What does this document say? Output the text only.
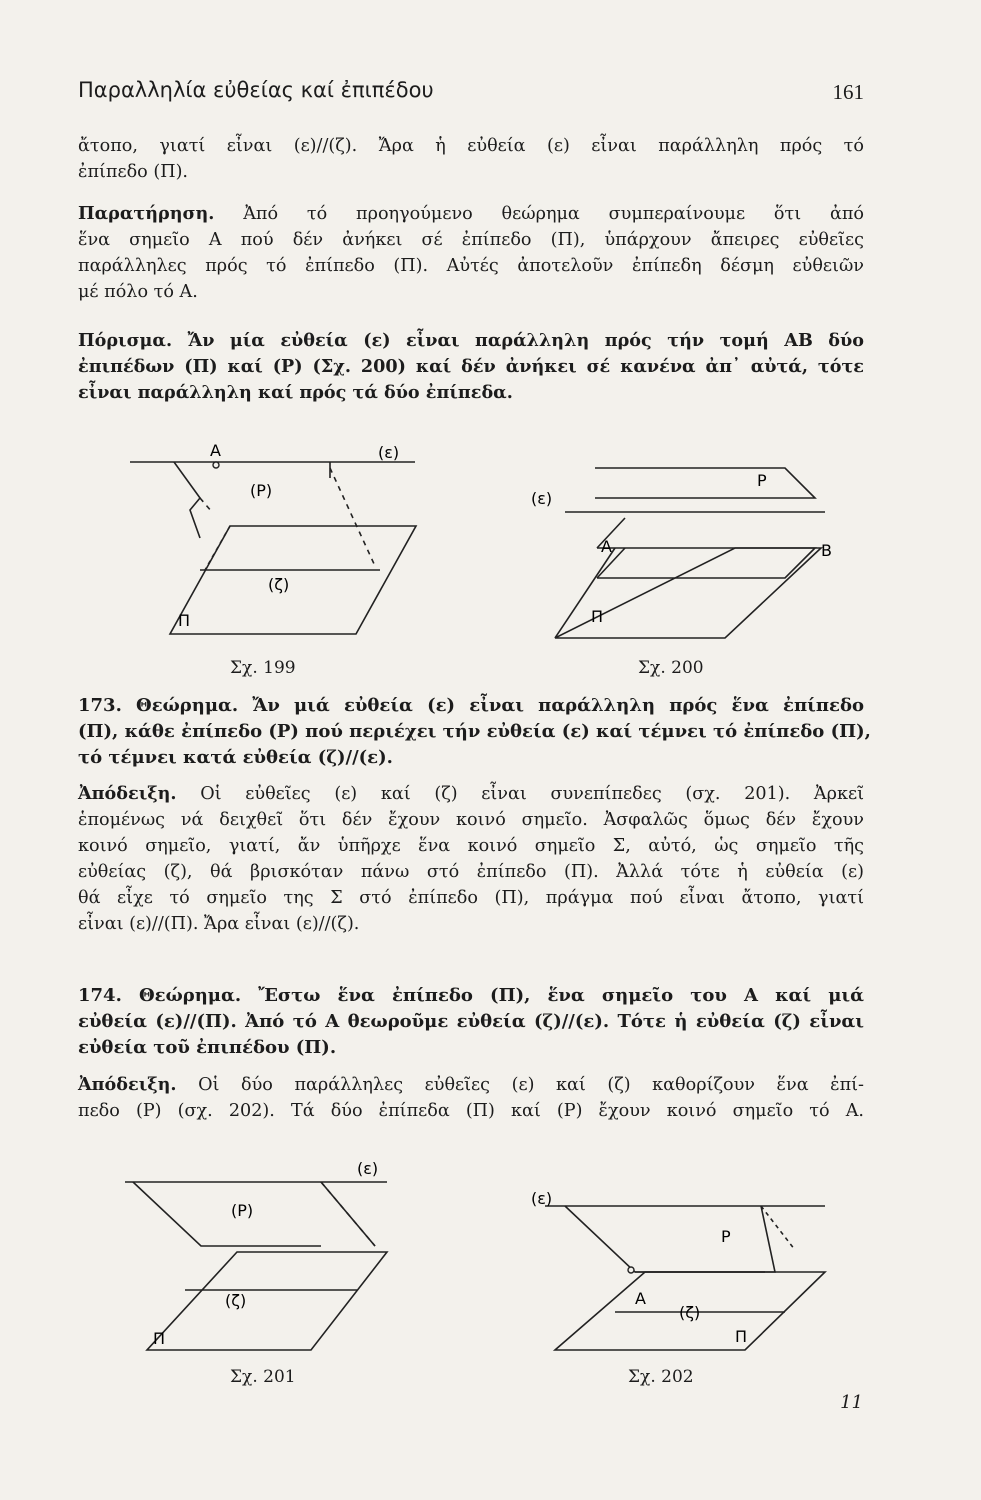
Παραλληλία εὐθείας καί ἐπιπέδου	161
ἄτοπο, γιατί εἶναι (ε)//(ζ). Ἄρα ἡ εὐθεία (ε) εἶναι παράλληλη πρός τό
ἐπίπεδο (Π).
Παρατήρηση. Ἀπό τό προηγούμενο θεώρημα συμπεραίνουμε ὅτι ἀπό
ἕνα σημεῖο Α πού δέν ἀνήκει σέ ἐπίπεδο (Π), ὑπάρχουν ἄπειρες εὐθεῖες
παράλληλες πρός τό ἐπίπεδο (Π). Αὐτές ἀποτελοῦν ἐπίπεδη δέσμη εὐθειῶν
μέ πόλο τό Α.
Πόρισμα. Ἄν μία εὐθεία (ε) εἶναι παράλληλη πρός τήν τομή ΑΒ δύο
ἐπιπέδων (Π) καί (Ρ) (Σχ. 200) καί δέν ἀνήκει σέ κανένα ἀπ᾽ αὐτά, τότε
εἶναι παράλληλη καί πρός τά δύο ἐπίπεδα.
Α	(ε)
(Ρ)
(ζ)
Π
Σχ. 199
Ρ
(ε)
Α	Β
Π
Σχ. 200
173. Θεώρημα. Ἄν μιά εὐθεία (ε) εἶναι παράλληλη πρός ἕνα ἐπίπεδο
(Π), κάθε ἐπίπεδο (Ρ) πού περιέχει τήν εὐθεία (ε) καί τέμνει τό ἐπίπεδο (Π),
τό τέμνει κατά εὐθεία (ζ)//(ε).
Ἀπόδειξη. Οἱ εὐθεῖες (ε) καί (ζ) εἶναι συνεπίπεδες (σχ. 201). Ἀρκεῖ
ἑπομένως νά δειχθεῖ ὅτι δέν ἔχουν κοινό σημεῖο. Ἀσφαλῶς ὅμως δέν ἔχουν
κοινό σημεῖο, γιατί, ἄν ὑπῆρχε ἕνα κοινό σημεῖο Σ, αὐτό, ὡς σημεῖο τῆς
εὐθείας (ζ), θά βρισκόταν πάνω στό ἐπίπεδο (Π). Ἀλλά τότε ἡ εὐθεία (ε)
θά εἶχε τό σημεῖο της Σ στό ἐπίπεδο (Π), πράγμα πού εἶναι ἄτοπο, γιατί
εἶναι (ε)//(Π). Ἄρα εἶναι (ε)//(ζ).
174. Θεώρημα. Ἔστω ἕνα ἐπίπεδο (Π), ἕνα σημεῖο του Α καί μιά
εὐθεία (ε)//(Π). Ἀπό τό Α θεωροῦμε εὐθεία (ζ)//(ε). Τότε ἡ εὐθεία (ζ) εἶναι
εὐθεία τοῦ ἐπιπέδου (Π).
Ἀπόδειξη. Οἱ δύο παράλληλες εὐθεῖες (ε) καί (ζ) καθορίζουν ἕνα ἐπί-
πεδο (Ρ) (σχ. 202). Τά δύο ἐπίπεδα (Π) καί (Ρ) ἔχουν κοινό σημεῖο τό Α.
(ε)
(Ρ)
(ζ)
Π
Σχ. 201
(ε)
Ρ
Α
(ζ)
Π
Σχ. 202
11
